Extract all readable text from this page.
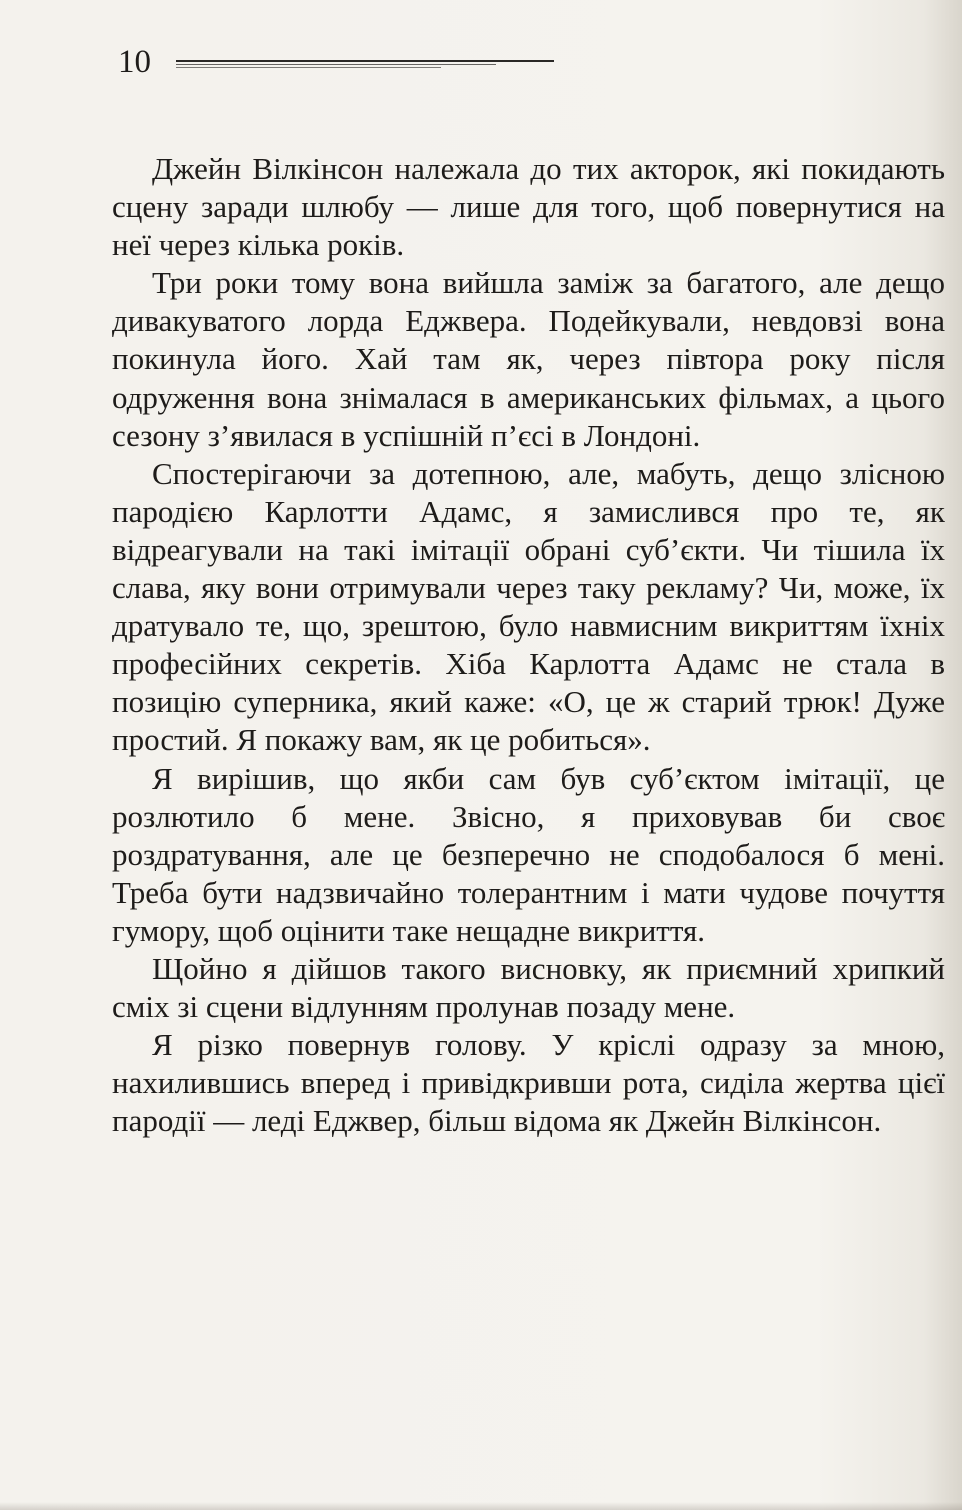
10

Джейн Вілкінсон належала до тих акторок, які покидають сцену заради шлюбу — лише для того, щоб повернутися на неї через кілька років.

Три роки тому вона вийшла заміж за багатого, але дещо дивакуватого лорда Еджвера. Подейкували, невдовзі вона покинула його. Хай там як, через півтора року після одруження вона знімалася в американських фільмах, а цього сезону з’явилася в успішній п’єсі в Лондоні.

Спостерігаючи за дотепною, але, мабуть, дещо злісною пародією Карлотти Адамс, я замислився про те, як відреагували на такі імітації обрані суб’єкти. Чи тішила їх слава, яку вони отримували через таку рекламу? Чи, може, їх дратувало те, що, зрештою, було навмисним викриттям їхніх професійних секретів. Хіба Карлотта Адамс не стала в позицію суперника, який каже: «О, це ж старий трюк! Дуже простий. Я покажу вам, як це робиться».

Я вирішив, що якби сам був суб’єктом імітації, це розлютило б мене. Звісно, я приховував би своє роздратування, але це безперечно не сподобалося б мені. Треба бути надзвичайно толерантним і мати чудове почуття гумору, щоб оцінити таке нещадне викриття.

Щойно я дійшов такого висновку, як приємний хрипкий сміх зі сцени відлунням пролунав позаду мене.

Я різко повернув голову. У кріслі одразу за мною, нахилившись вперед і привідкривши рота, сиділа жертва цієї пародії — леді Еджвер, більш відома як Джейн Вілкінсон.
